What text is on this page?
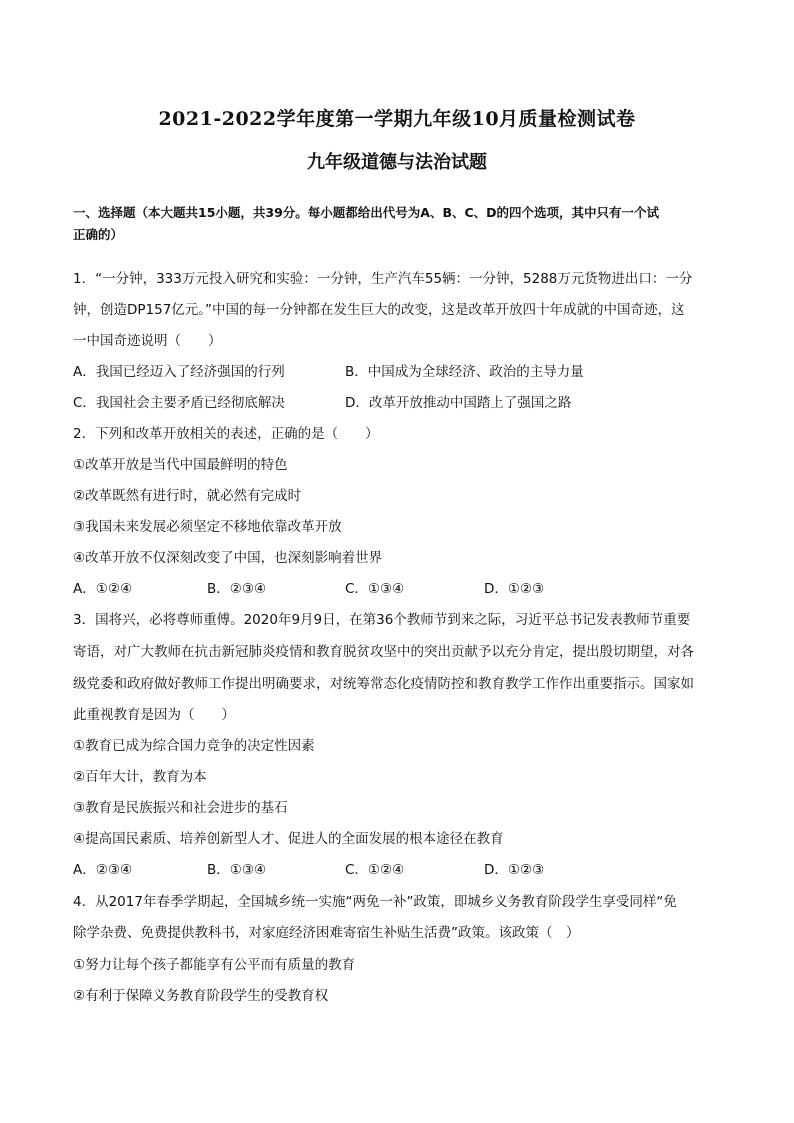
2021-2022学年度第一学期九年级10月质量检测试卷
九年级道德与法治试题
一、选择题（本大题共15小题，共39分。每小题都给出代号为A、B、C、D的四个选项，其中只有一个试
正确的）
1．“一分钟，333万元投入研究和实验：一分钟，生产汽车55辆：一分钟，5288万元货物进出口：一分
钟，创造DP157亿元。”中国的每一分钟都在发生巨大的改变，这是改革开放四十年成就的中国奇迹，这
一中国奇迹说明（　　）
A．我国已经迈入了经济强国的行列	B．中国成为全球经济、政治的主导力量
C．我国社会主要矛盾已经彻底解决	D．改革开放推动中国踏上了强国之路
2．下列和改革开放相关的表述，正确的是（　　）
①改革开放是当代中国最鲜明的特色
②改革既然有进行时，就必然有完成时
③我国未来发展必须坚定不移地依靠改革开放
④改革开放不仅深刻改变了中国，也深刻影响着世界
A．①②④	B．②③④	C．①③④	D．①②③
3．国将兴，必将尊师重傅。2020年9月9日，在第36个教师节到来之际，习近平总书记发表教师节重要
寄语，对广大教师在抗击新冠肺炎疫情和教育脱贫攻坚中的突出贡献予以充分肯定，提出殷切期望，对各
级党委和政府做好教师工作提出明确要求，对统筹常态化疫情防控和教育教学工作作出重要指示。国家如
此重视教育是因为（　　）
①教育已成为综合国力竞争的决定性因素
②百年大计，教育为本
③教育是民族振兴和社会进步的基石
④提高国民素质、培养创新型人才、促进人的全面发展的根本途径在教育
A．②③④	B．①③④	C．①②④	D．①②③
4．从2017年春季学期起，全国城乡统一实施“两免一补”政策，即城乡义务教育阶段学生享受同样“免
除学杂费、免费提供教科书，对家庭经济困难寄宿生补贴生活费”政策。该政策（　）
①努力让每个孩子都能享有公平而有质量的教育
②有利于保障义务教育阶段学生的受教育权
